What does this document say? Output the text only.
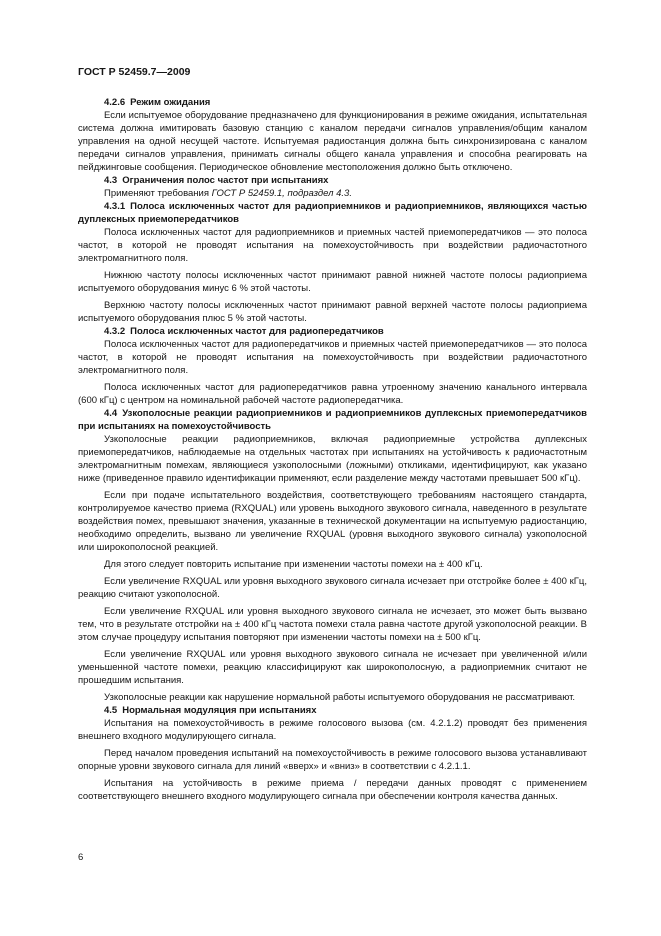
ГОСТ Р 52459.7—2009

4.2.6 Режим ожидания

Если испытуемое оборудование предназначено для функционирования в режиме ожидания, испытательная система должна имитировать базовую станцию с каналом передачи сигналов управления/общим каналом управления на одной несущей частоте. Испытуемая радиостанция должна быть синхронизирована с каналом передачи сигналов управления, принимать сигналы общего канала управления и способна реагировать на пейджинговые сообщения. Периодическое обновление местоположения должно быть отключено.

4.3 Ограничения полос частот при испытаниях

Применяют требования ГОСТ Р 52459.1, подраздел 4.3.

4.3.1 Полоса исключенных частот для радиоприемников и радиоприемников, являющихся частью дуплексных приемопередатчиков

Полоса исключенных частот для радиоприемников и приемных частей приемопередатчиков — это полоса частот, в которой не проводят испытания на помехоустойчивость при воздействии радиочастотного электромагнитного поля.

Нижнюю частоту полосы исключенных частот принимают равной нижней частоте полосы радиоприема испытуемого оборудования минус 6 % этой частоты.

Верхнюю частоту полосы исключенных частот принимают равной верхней частоте полосы радиоприема испытуемого оборудования плюс 5 % этой частоты.

4.3.2 Полоса исключенных частот для радиопередатчиков

Полоса исключенных частот для радиопередатчиков и приемных частей приемопередатчиков — это полоса частот, в которой не проводят испытания на помехоустойчивость при воздействии радиочастотного электромагнитного поля.

Полоса исключенных частот для радиопередатчиков равна утроенному значению канального интервала (600 кГц) с центром на номинальной рабочей частоте радиопередатчика.

4.4 Узкополосные реакции радиоприемников и радиоприемников дуплексных приемопередатчиков при испытаниях на помехоустойчивость

Узкополосные реакции радиоприемников, включая радиоприемные устройства дуплексных приемопередатчиков, наблюдаемые на отдельных частотах при испытаниях на устойчивость к радиочастотным электромагнитным помехам, являющиеся узкополосными (ложными) откликами, идентифицируют, как указано ниже (приведенное правило идентификации применяют, если разделение между частотами превышает 500 кГц).

Если при подаче испытательного воздействия, соответствующего требованиям настоящего стандарта, контролируемое качество приема (RXQUAL) или уровень выходного звукового сигнала, наведенного в результате воздействия помех, превышают значения, указанные в технической документации на испытуемую радиостанцию, необходимо определить, вызвано ли увеличение RXQUAL (уровня выходного звукового сигнала) узкополосной или широкополосной реакцией.

Для этого следует повторить испытание при изменении частоты помехи на ± 400 кГц.

Если увеличение RXQUAL или уровня выходного звукового сигнала исчезает при отстройке более ± 400 кГц, реакцию считают узкополосной.

Если увеличение RXQUAL или уровня выходного звукового сигнала не исчезает, это может быть вызвано тем, что в результате отстройки на ± 400 кГц частота помехи стала равна частоте другой узкополосной реакции. В этом случае процедуру испытания повторяют при изменении частоты помехи на ± 500 кГц.

Если увеличение RXQUAL или уровня выходного звукового сигнала не исчезает при увеличенной и/или уменьшенной частоте помехи, реакцию классифицируют как широкополосную, а радиоприемник считают не прошедшим испытания.

Узкополосные реакции как нарушение нормальной работы испытуемого оборудования не рассматривают.

4.5 Нормальная модуляция при испытаниях

Испытания на помехоустойчивость в режиме голосового вызова (см. 4.2.1.2) проводят без применения внешнего входного модулирующего сигнала.

Перед началом проведения испытаний на помехоустойчивость в режиме голосового вызова устанавливают опорные уровни звукового сигнала для линий «вверх» и «вниз» в соответствии с 4.2.1.1.

Испытания на устойчивость в режиме приема / передачи данных проводят с применением соответствующего внешнего входного модулирующего сигнала при обеспечении контроля качества данных.

6
